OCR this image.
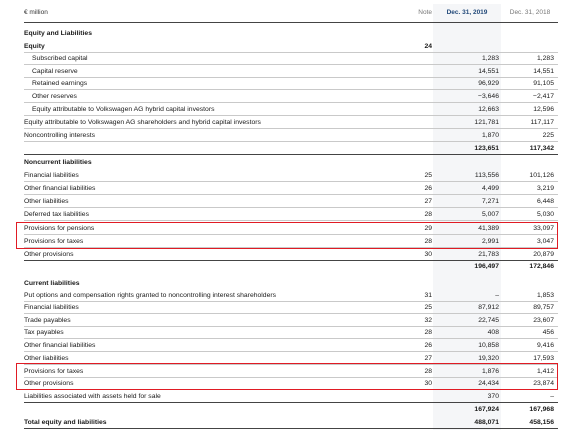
€ million	Note	Dec. 31, 2019	Dec. 31, 2018
Equity and Liabilities
Equity	24
Subscribed capital	1,283	1,283
Capital reserve	14,551	14,551
Retained earnings	96,929	91,105
Other reserves	−3,646	−2,417
Equity attributable to Volkswagen AG hybrid capital investors	12,663	12,596
Equity attributable to Volkswagen AG shareholders and hybrid capital investors	121,781	117,117
Noncontrolling interests	1,870	225
123,651	117,342
Noncurrent liabilities
Financial liabilities	25	113,556	101,126
Other financial liabilities	26	4,499	3,219
Other liabilities	27	7,271	6,448
Deferred tax liabilities	28	5,007	5,030
Provisions for pensions	29	41,389	33,097
Provisions for taxes	28	2,991	3,047
Other provisions	30	21,783	20,879
196,497	172,846
Current liabilities
Put options and compensation rights granted to noncontrolling interest shareholders	31	–	1,853
Financial liabilities	25	87,912	89,757
Trade payables	32	22,745	23,607
Tax payables	28	408	456
Other financial liabilities	26	10,858	9,416
Other liabilities	27	19,320	17,593
Provisions for taxes	28	1,876	1,412
Other provisions	30	24,434	23,874
Liabilities associated with assets held for sale	370	–
167,924	167,968
Total equity and liabilities	488,071	458,156
